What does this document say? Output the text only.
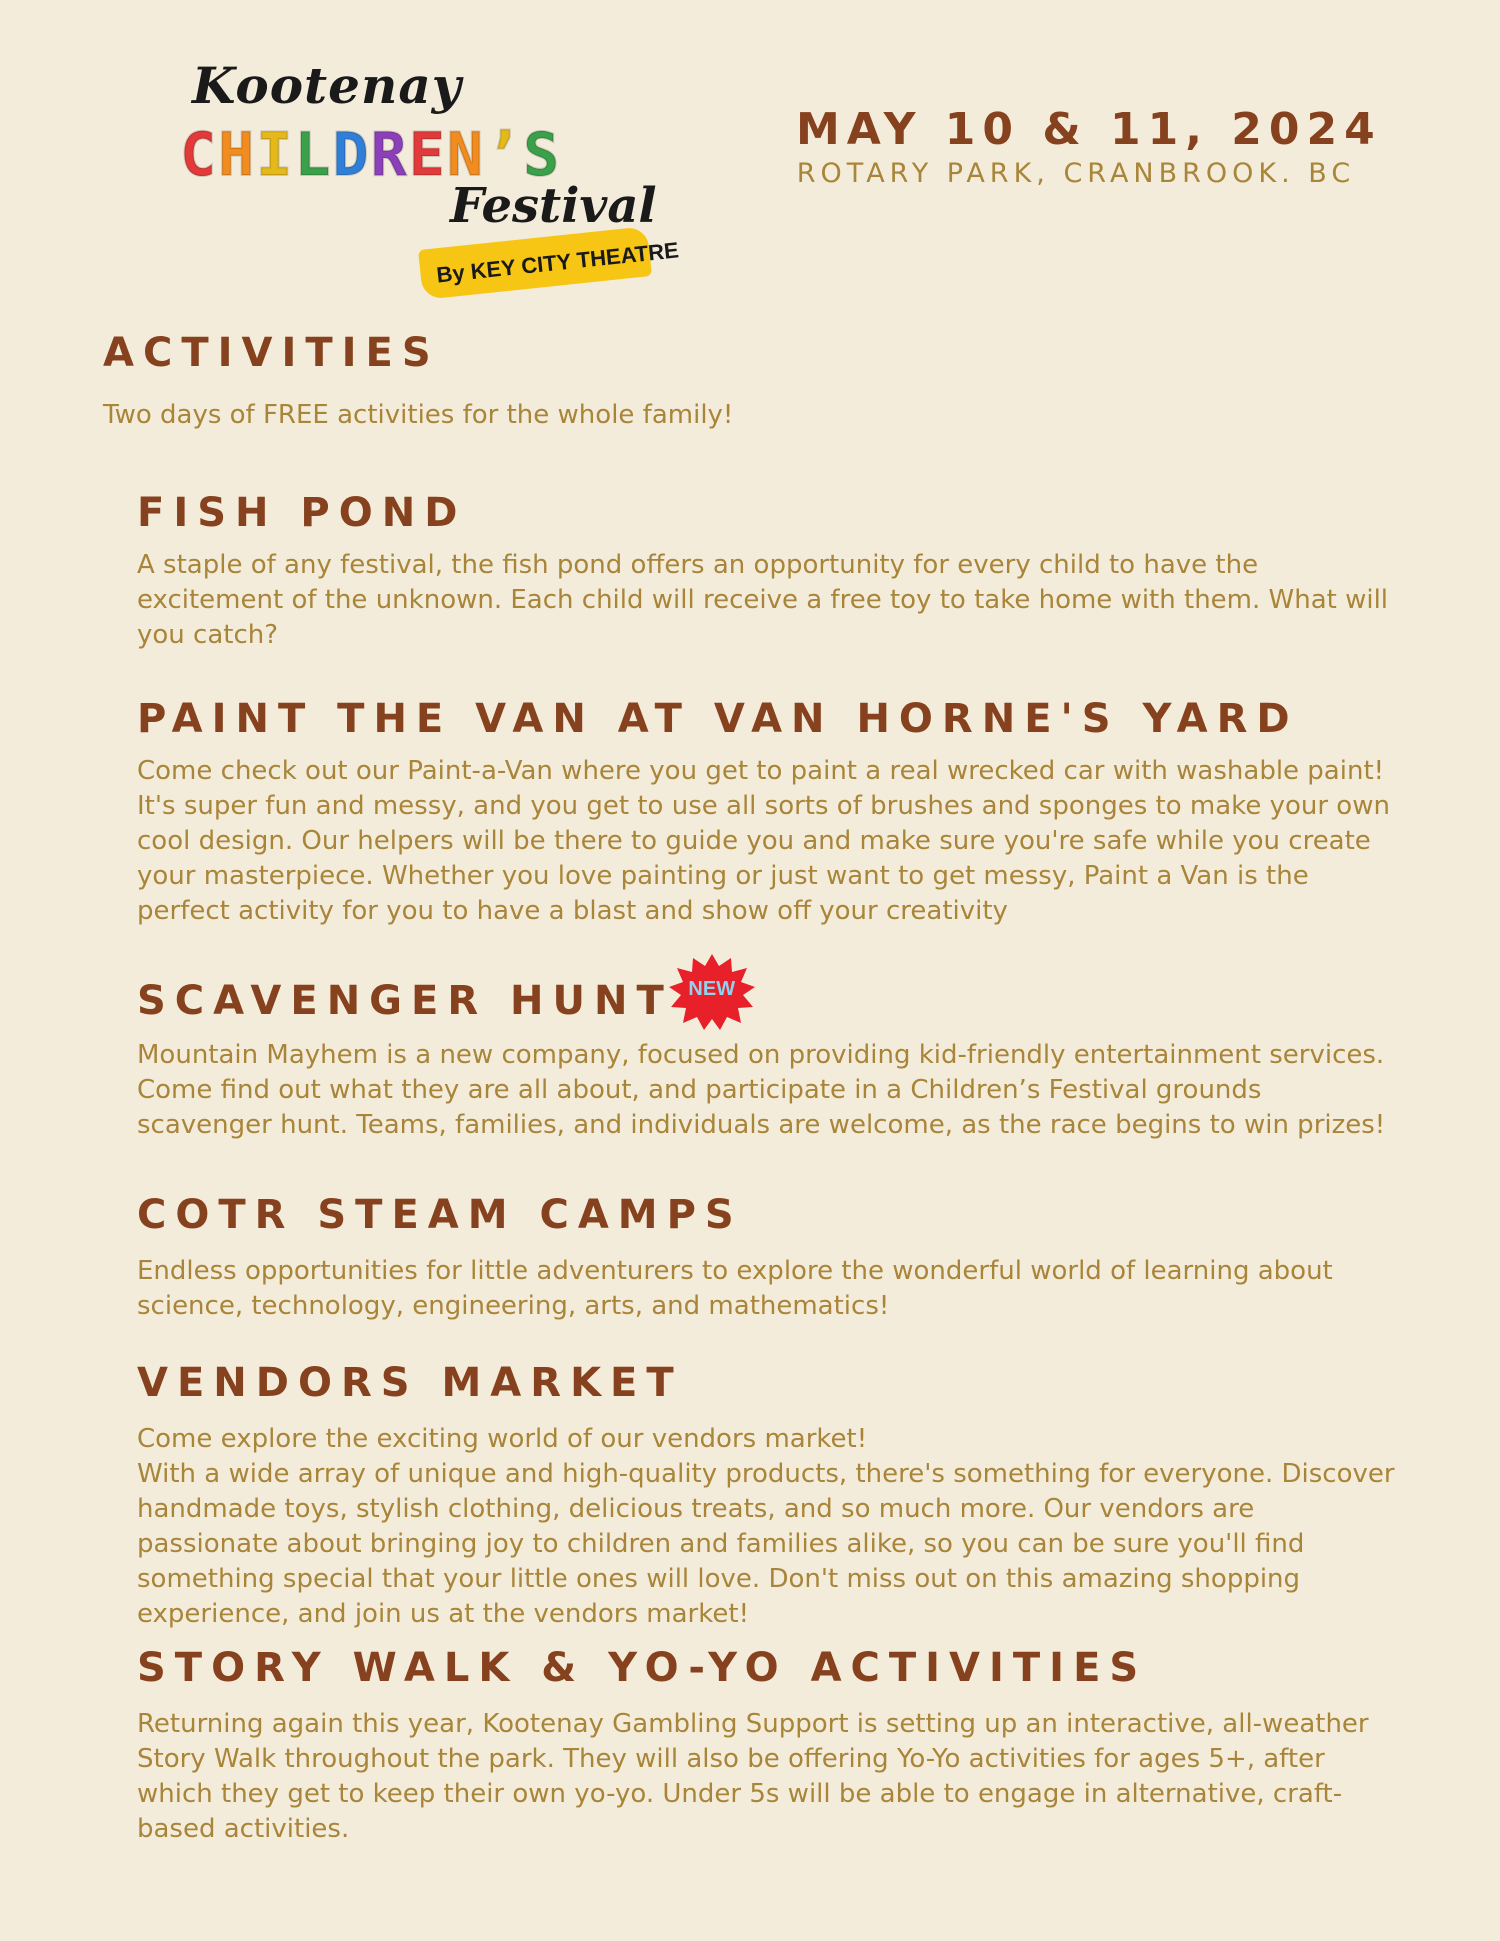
Kootenay
CHILDREN’S
Festival
By KEY CITY THEATRE
MAY 10 & 11, 2024
ROTARY PARK, CRANBROOK. BC
ACTIVITIES

Two days of FREE activities for the whole family!

FISH POND

A staple of any festival, the fish pond offers an opportunity for every child to have the excitement of the unknown. Each child will receive a free toy to take home with them. What will you catch?

PAINT THE VAN AT VAN HORNE'S YARD

Come check out our Paint-a-Van where you get to paint a real wrecked car with washable paint! It's super fun and messy, and you get to use all sorts of brushes and sponges to make your own cool design. Our helpers will be there to guide you and make sure you're safe while you create your masterpiece. Whether you love painting or just want to get messy, Paint a Van is the perfect activity for you to have a blast and show off your creativity

SCAVENGER HUNT NEW

Mountain Mayhem is a new company, focused on providing kid-friendly entertainment services. Come find out what they are all about, and participate in a Children’s Festival grounds scavenger hunt. Teams, families, and individuals are welcome, as the race begins to win prizes!

COTR STEAM CAMPS

Endless opportunities for little adventurers to explore the wonderful world of learning about science, technology, engineering, arts, and mathematics!

VENDORS MARKET

Come explore the exciting world of our vendors market!

With a wide array of unique and high-quality products, there's something for everyone. Discover handmade toys, stylish clothing, delicious treats, and so much more. Our vendors are passionate about bringing joy to children and families alike, so you can be sure you'll find something special that your little ones will love. Don't miss out on this amazing shopping experience, and join us at the vendors market!

STORY WALK & YO-YO ACTIVITIES

Returning again this year, Kootenay Gambling Support is setting up an interactive, all-weather Story Walk throughout the park. They will also be offering Yo-Yo activities for ages 5+, after which they get to keep their own yo-yo. Under 5s will be able to engage in alternative, craft-based activities.
